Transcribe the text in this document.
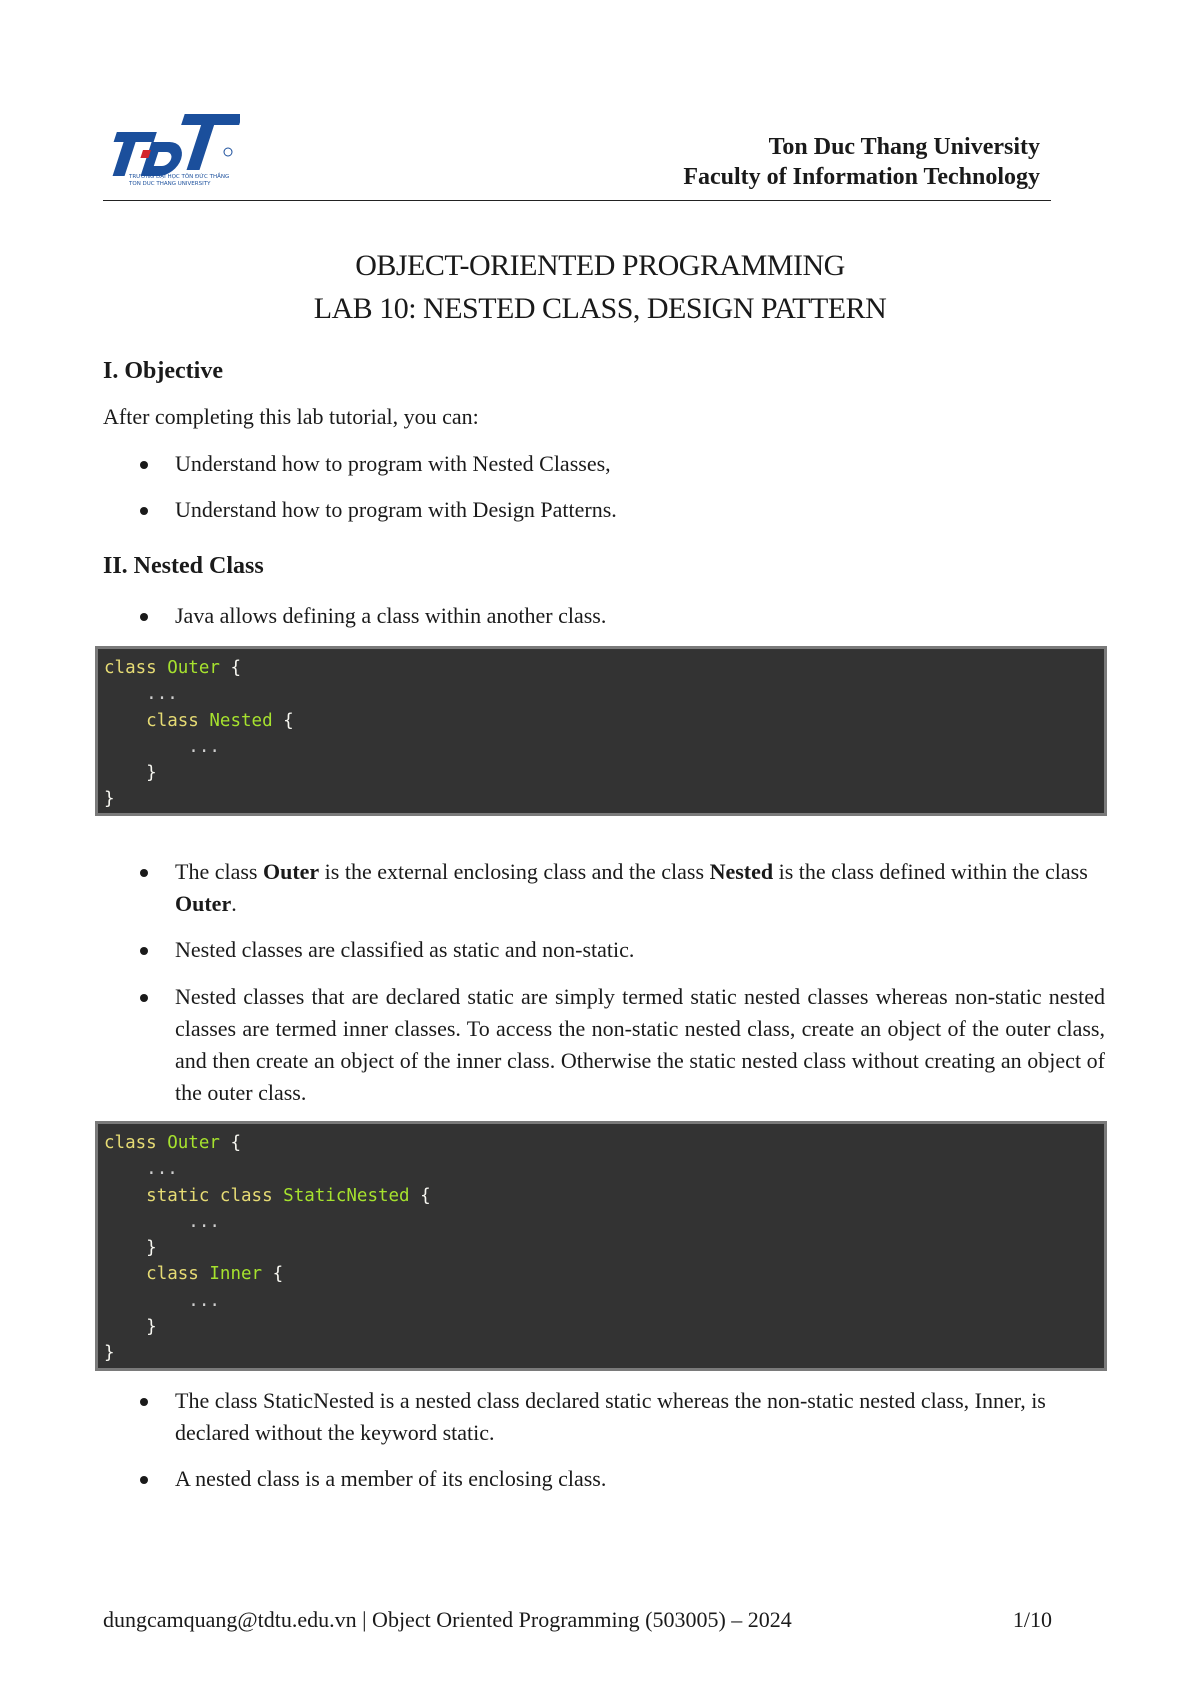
TRƯỜNG ĐẠI HỌC TÔN ĐỨC THẮNG
TON DUC THANG UNIVERSITY
Ton Duc Thang University
Faculty of Information Technology
OBJECT-ORIENTED PROGRAMMING
LAB 10: NESTED CLASS, DESIGN PATTERN
I. Objective
After completing this lab tutorial, you can:
Understand how to program with Nested Classes,
Understand how to program with Design Patterns.
II. Nested Class
Java allows defining a class within another class.
class Outer {
...
class Nested {
...
}
}
The class Outer is the external enclosing class and the class Nested is the class defined within the class Outer.
Nested classes are classified as static and non-static.
Nested classes that are declared static are simply termed static nested classes whereas non-static nested classes are termed inner classes. To access the non-static nested class, create an object of the outer class, and then create an object of the inner class. Otherwise the static nested class without creating an object of the outer class.
class Outer {
...
static class StaticNested {
...
}
class Inner {
...
}
}
The class StaticNested is a nested class declared static whereas the non-static nested class, Inner, is declared without the keyword static.
A nested class is a member of its enclosing class.
dungcamquang@tdtu.edu.vn | Object Oriented Programming (503005) – 2024	1/10
